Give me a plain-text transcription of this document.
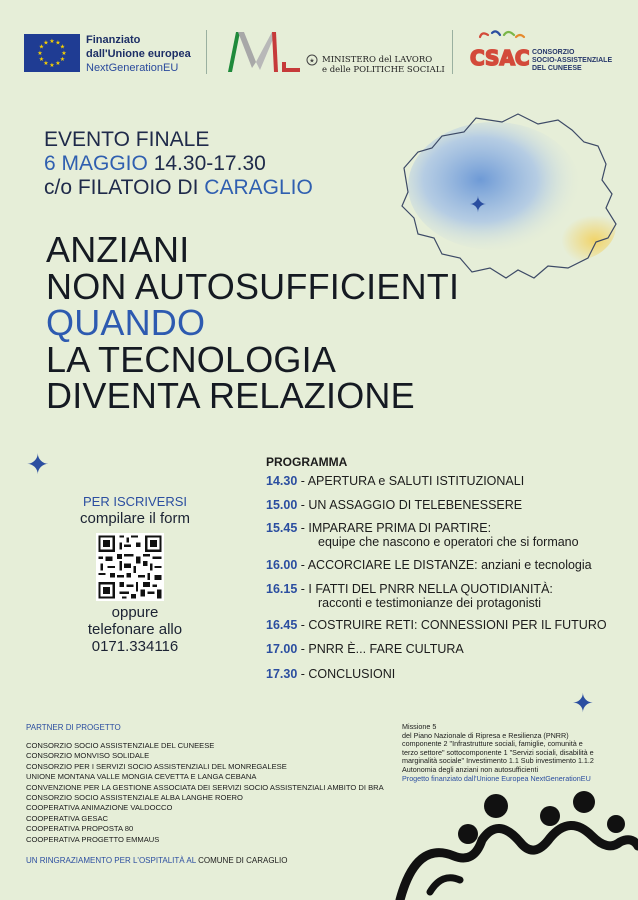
★ ★
★
★
★
★
★
★
★
★
★
★	Finanziato
dall'Unione europea
NextGenerationEU
★ MINISTERO del LAVORO
e delle POLITICHE SOCIALI CSAC CONSORZIO
SOCIO-ASSISTENZIALE
DEL CUNEESE
EVENTO FINALE
6 MAGGIO 14.30-17.30
c/o FILATOIO DI CARAGLIO
✦
ANZIANI
NON AUTOSUFFICIENTI
QUANDO
LA TECNOLOGIA
DIVENTA RELAZIONE
✦
✦
PER ISCRIVERSI
compilare il form
oppure
telefonare allo
0171.334116
PROGRAMMA
14.30 - APERTURA e SALUTI ISTITUZIONALI
15.00 - UN ASSAGGIO DI TELEBENESSERE
15.45 - IMPARARE PRIMA DI PARTIRE:
equipe che nascono e operatori che si formano
16.00 - ACCORCIARE LE DISTANZE: anziani e tecnologia
16.15 - I FATTI DEL PNRR NELLA QUOTIDIANITÀ:
racconti e testimonianze dei protagonisti
16.45 - COSTRUIRE RETI: CONNESSIONI PER IL FUTURO
17.00 - PNRR È... FARE CULTURA
17.30 - CONCLUSIONI
PARTNER DI PROGETTO
CONSORZIO SOCIO ASSISTENZIALE DEL CUNEESE
CONSORZIO MONVISO SOLIDALE
CONSORZIO PER I SERVIZI SOCIO ASSISTENZIALI DEL MONREGALESE
UNIONE MONTANA VALLE MONGIA CEVETTA E LANGA CEBANA
CONVENZIONE PER LA GESTIONE ASSOCIATA DEI SERVIZI SOCIO ASSISTENZIALI AMBITO DI BRA
CONSORZIO SOCIO ASSISTENZIALE ALBA LANGHE ROERO
COOPERATIVA ANIMAZIONE VALDOCCO
COOPERATIVA GESAC
COOPERATIVA PROPOSTA 80
COOPERATIVA PROGETTO EMMAUS
UN RINGRAZIAMENTO PER L'OSPITALITÀ AL COMUNE DI CARAGLIO
Missione 5
del Piano Nazionale di Ripresa e Resilienza (PNRR)
componente 2 "Infrastrutture sociali, famiglie, comunità e
terzo settore" sottocomponente 1 "Servizi sociali, disabilità e
marginalità sociale" Investimento 1.1 Sub investimento 1.1.2
Autonomia degli anziani non autosufficienti
Progetto finanziato dall'Unione Europea NextGenerationEU
